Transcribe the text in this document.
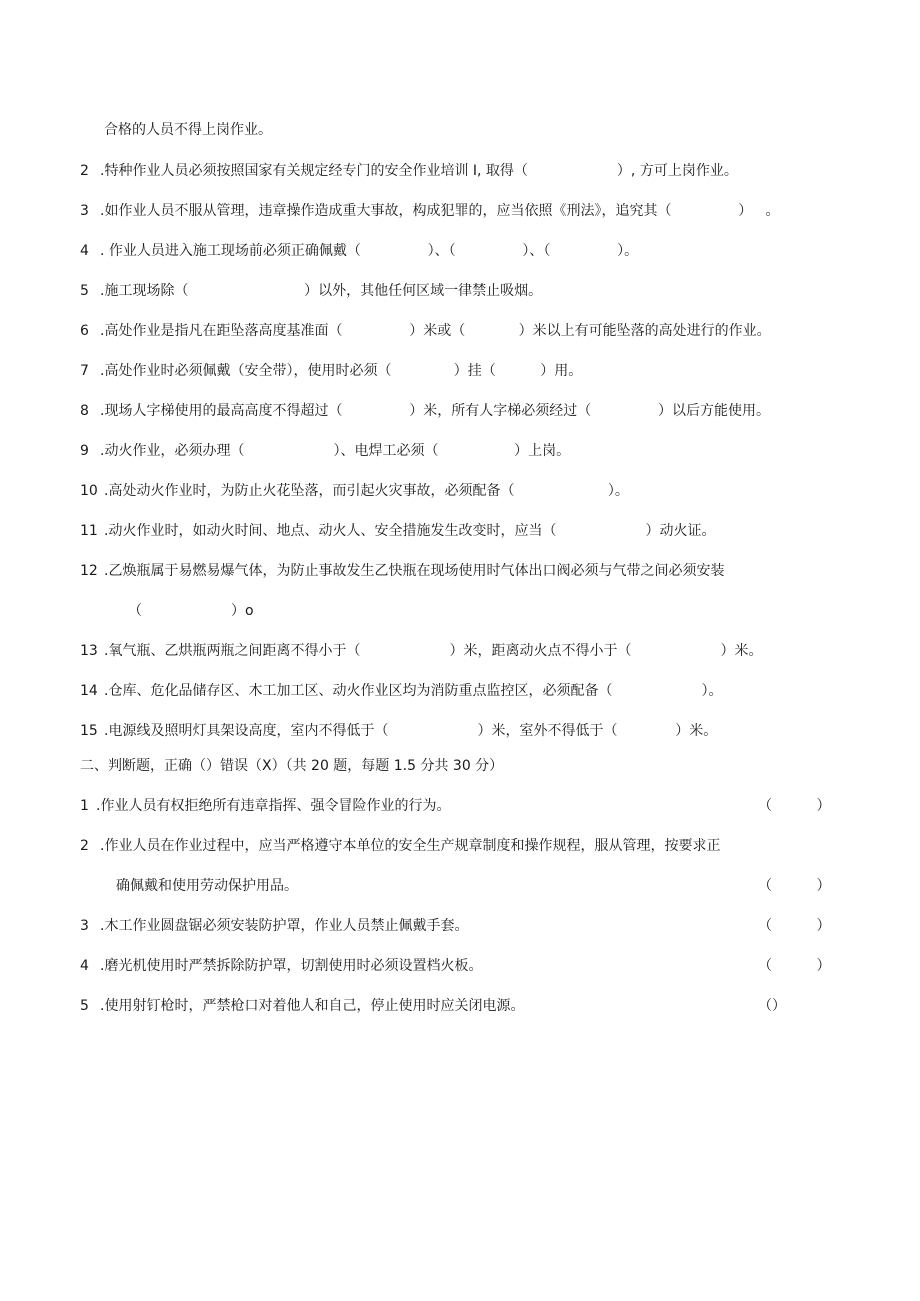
合格的人员不得上岗作业。
2 .特种作业人员必须按照国家有关规定经专门的安全作业培训 I, 取得（                    ）, 方可上岗作业。
3 .如作业人员不服从管理，违章操作造成重大事故，构成犯罪的，应当依照《刑法》，追究其（               ）   。
4 . 作业人员进入施工现场前必须正确佩戴（               ）、（               ）、（               ）。
5 .施工现场除（                          ）以外，其他任何区域一律禁止吸烟。
6 .高处作业是指凡在距坠落高度基准面（               ）米或（            ）米以上有可能坠落的高处进行的作业。
7 .高处作业时必须佩戴（安全带），使用时必须（              ）挂（          ）用。
8 .现场人字梯使用的最高高度不得超过（               ）米，所有人字梯必须经过（               ）以后方能使用。
9 .动火作业，必须办理（                    ）、电焊工必须（                 ）上岗。
10 .高处动火作业时，为防止火花坠落，而引起火灾事故，必须配备（                     ）。
11 .动火作业时，如动火时间、地点、动火人、安全措施发生改变时，应当（                    ）动火证。
12 .乙焕瓶属于易燃易爆气体，为防止事故发生乙快瓶在现场使用时气体出口阀必须与气带之间必须安装
（                    ）o
13 .氧气瓶、乙烘瓶两瓶之间距离不得小于（                    ）米，距离动火点不得小于（                    ）米。
14 .仓库、危化品储存区、木工加工区、动火作业区均为消防重点监控区，必须配备（                    ）。
15 .电源线及照明灯具架设高度，室内不得低于（                    ）米，室外不得低于（             ）米。
二、判断题，正确（）错误（X）（共 20 题，每题 1.5 分共 30 分）
1 .作业人员有权拒绝所有违章指挥、强令冒险作业的行为。	（          ）
2 .作业人员在作业过程中，应当严格遵守本单位的安全生产规章制度和操作规程，服从管理，按要求正
确佩戴和使用劳动保护用品。	（          ）
3 .木工作业圆盘锯必须安装防护罩，作业人员禁止佩戴手套。	（          ）
4 .磨光机使用时严禁拆除防护罩，切割使用时必须设置档火板。	（          ）
5 .使用射钉枪时，严禁枪口对着他人和自己，停止使用时应关闭电源。	（）
